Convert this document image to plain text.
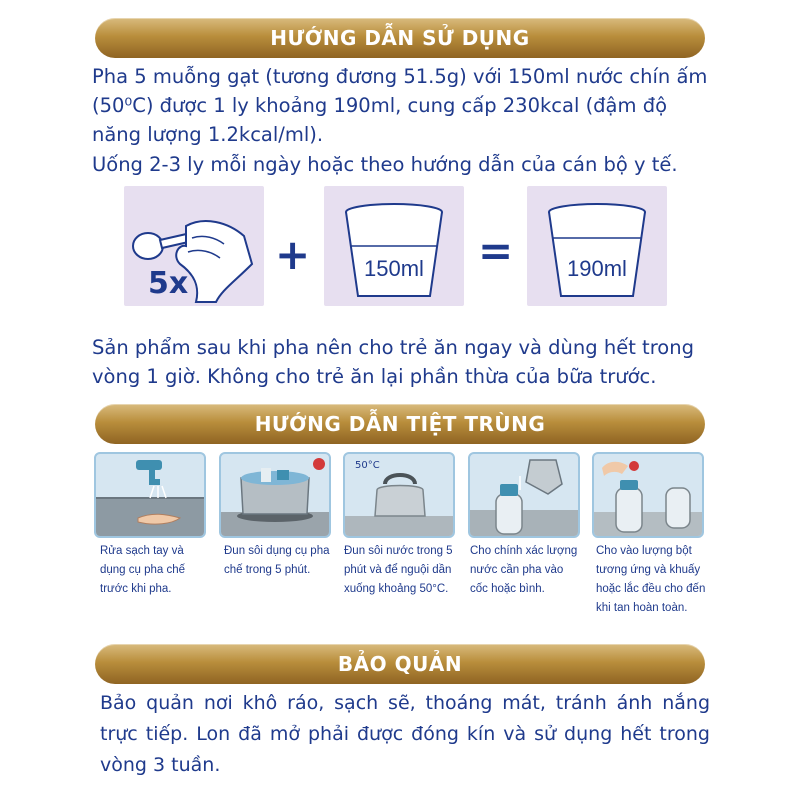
HƯỚNG DẪN SỬ DỤNG
Pha 5 muỗng gạt (tương đương 51.5g) với 150ml nước chín ấm (50⁰C) được 1 ly khoảng 190ml, cung cấp 230kcal (đậm độ năng lượng 1.2kcal/ml).
Uống 2-3 ly mỗi ngày hoặc theo hướng dẫn của cán bộ y tế.
5x
+ 150ml = 190ml
Sản phẩm sau khi pha nên cho trẻ ăn ngay và dùng hết trong vòng 1 giờ. Không cho trẻ ăn lại phần thừa của bữa trước.
HƯỚNG DẪN TIỆT TRÙNG
Rửa sạch tay và dụng cụ pha chế trước khi pha.
Đun sôi dụng cụ pha chế trong 5 phút.
50°C
Đun sôi nước trong 5 phút và để nguội dần xuống khoảng 50°C.
Cho chính xác lượng nước cần pha vào cốc hoặc bình.
Cho vào lượng bột tương ứng và khuấy hoặc lắc đều cho đến khi tan hoàn toàn.
BẢO QUẢN
Bảo quản nơi khô ráo, sạch sẽ, thoáng mát, tránh ánh nắng trực tiếp. Lon đã mở phải được đóng kín và sử dụng hết trong vòng 3 tuần.
